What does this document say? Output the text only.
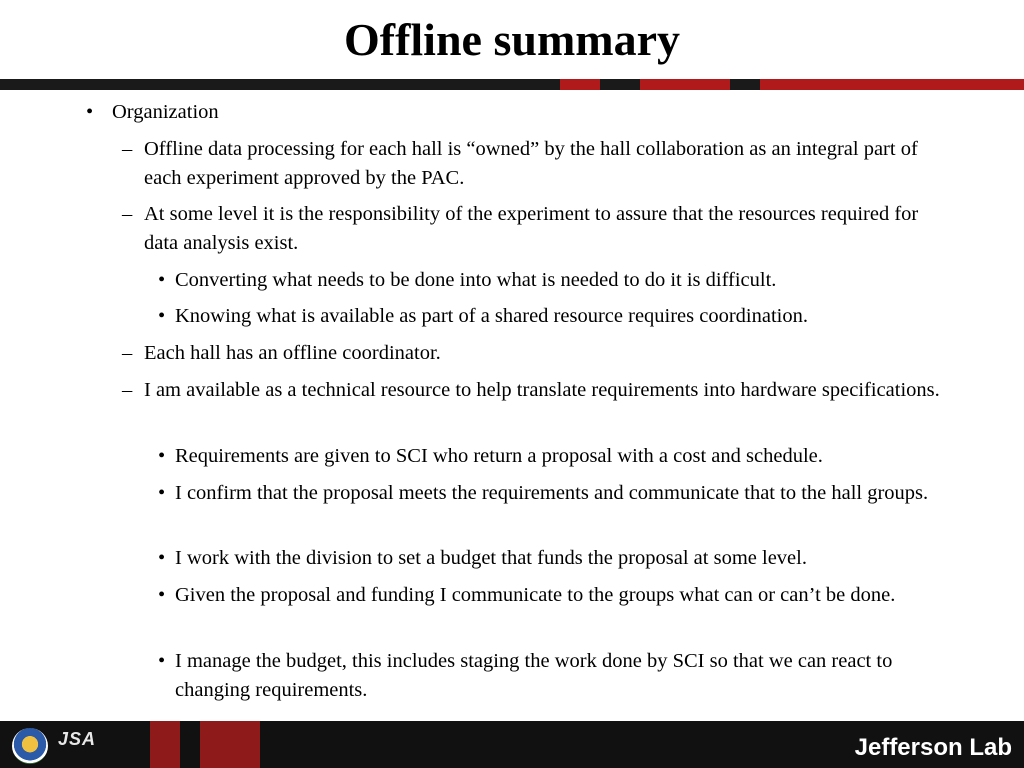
Offline summary
• Organization
– Offline data processing for each hall is “owned” by the hall collaboration as an integral part of each experiment approved by the PAC.
– At some level it is the responsibility of the experiment to assure that the resources required for data analysis exist.
• Converting what needs to be done into what is needed to do it is difficult.
• Knowing what is available as part of a shared resource requires coordination.
– Each hall has an offline coordinator.
– I am available as a technical resource to help translate requirements into hardware specifications.
• Requirements are given to SCI who return a proposal with a cost and schedule.
• I confirm that the proposal meets the requirements and communicate that to the hall groups.
• I work with the division to set a budget that funds the proposal at some level.
• Given the proposal and funding I communicate to the groups what can or can’t be done.
• I manage the budget, this includes staging the work done by SCI so that we can react to changing requirements.
JSA	Jefferson Lab
